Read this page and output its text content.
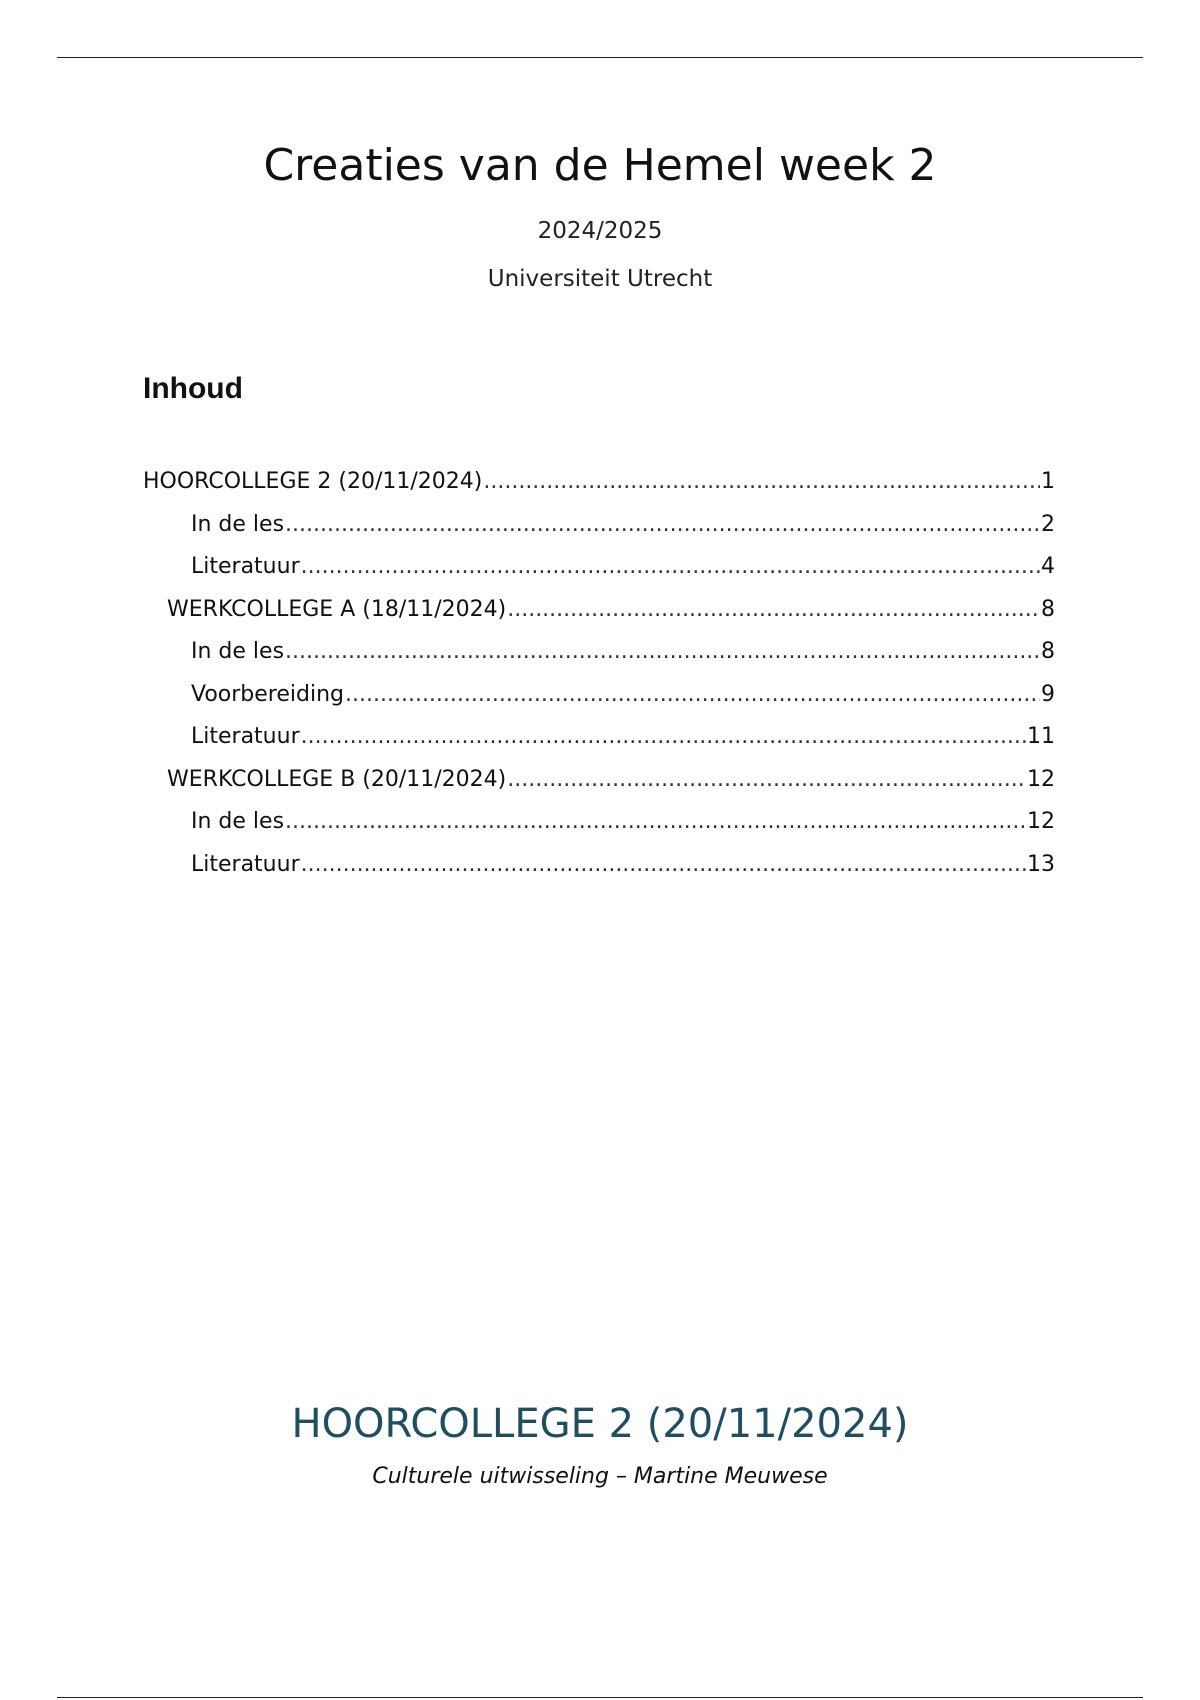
Creaties van de Hemel week 2
2024/2025
Universiteit Utrecht
Inhoud
HOORCOLLEGE 2 (20/11/2024) .....	1
In de les .....	2
Literatuur .....	4
WERKCOLLEGE A (18/11/2024) .....	8
In de les .....	8
Voorbereiding .....	9
Literatuur .....	11
WERKCOLLEGE B (20/11/2024) .....	12
In de les .....	12
Literatuur .....	13
HOORCOLLEGE 2 (20/11/2024)
Culturele uitwisseling – Martine Meuwese
